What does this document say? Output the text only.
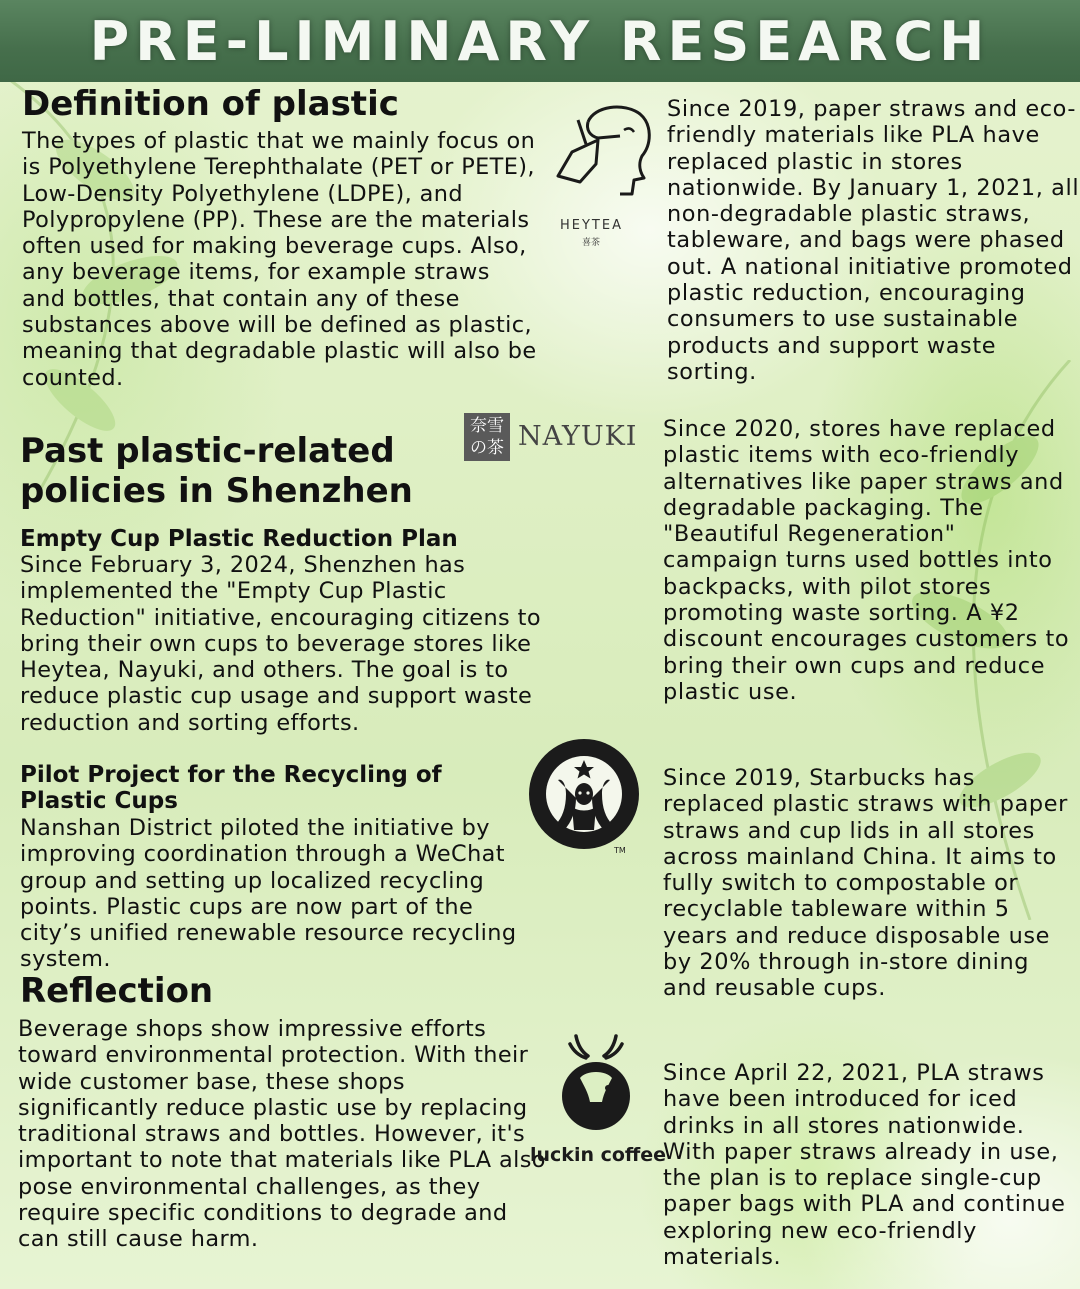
PRE-LIMINARY RESEARCH
Definition of plastic
The types of plastic that we mainly focus on is Polyethylene Terephthalate (PET or PETE), Low-Density Polyethylene (LDPE), and Polypropylene (PP). These are the materials often used for making beverage cups. Also, any beverage items, for example straws and bottles, that contain any of these substances above will be defined as plastic, meaning that degradable plastic will also be counted.
Past plastic-related policies in Shenzhen
Empty Cup Plastic Reduction Plan
Since February 3, 2024, Shenzhen has implemented the "Empty Cup Plastic Reduction" initiative, encouraging citizens to bring their own cups to beverage stores like Heytea, Nayuki, and others. The goal is to reduce plastic cup usage and support waste reduction and sorting efforts.
Pilot Project for the Recycling of Plastic Cups
Nanshan District piloted the initiative by improving coordination through a WeChat group and setting up localized recycling points. Plastic cups are now part of the city’s unified renewable resource recycling system.
Reflection
Beverage shops show impressive efforts toward environmental protection. With their wide customer base, these shops significantly reduce plastic use by replacing traditional straws and bottles. However, it's important to note that materials like PLA also pose environmental challenges, as they require specific conditions to degrade and can still cause harm.
Since 2019, paper straws and eco-friendly materials like PLA have replaced plastic in stores nationwide. By January 1, 2021, all non-degradable plastic straws, tableware, and bags were phased out. A national initiative promoted plastic reduction, encouraging consumers to use sustainable products and support waste sorting.
Since 2020, stores have replaced plastic items with eco-friendly alternatives like paper straws and degradable packaging. The "Beautiful Regeneration" campaign turns used bottles into backpacks, with pilot stores promoting waste sorting. A ¥2 discount encourages customers to bring their own cups and reduce plastic use.
Since 2019, Starbucks has replaced plastic straws with paper straws and cup lids in all stores across mainland China. It aims to fully switch to compostable or recyclable tableware within 5 years and reduce disposable use by 20% through in-store dining and reusable cups.
Since April 22, 2021, PLA straws have been introduced for iced drinks in all stores nationwide. With paper straws already in use, the plan is to replace single-cup paper bags with PLA and continue exploring new eco-friendly materials.
HEYTEA
喜茶
奈雪
の茶 NAYUKI
TM
luckin coffee
